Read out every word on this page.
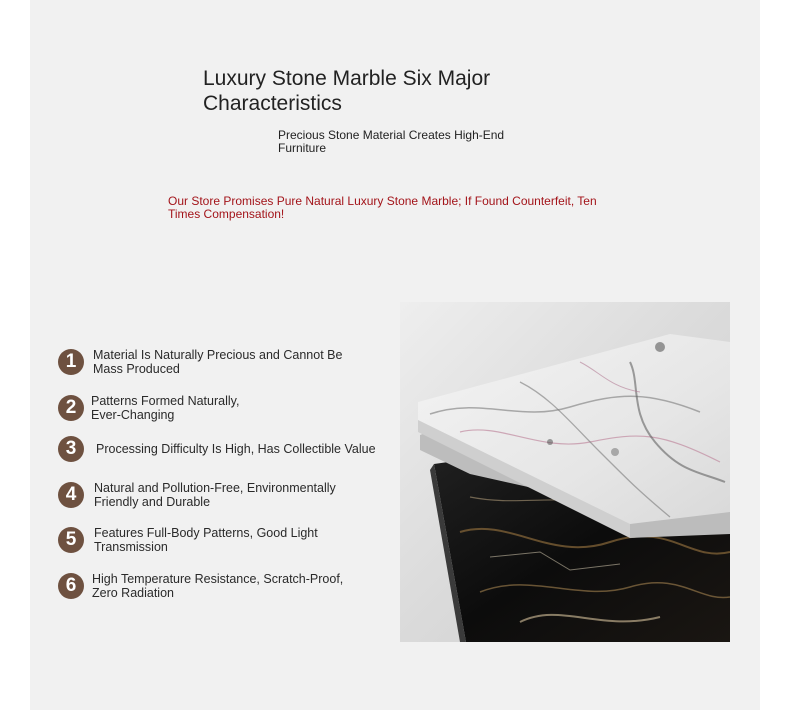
Luxury Stone Marble Six Major Characteristics
Precious Stone Material Creates High-End Furniture
Our Store Promises Pure Natural Luxury Stone Marble; If Found Counterfeit, Ten Times Compensation!
1	Material Is Naturally Precious and Cannot Be Mass Produced
2	Patterns Formed Naturally, Ever-Changing
3	Processing Difficulty Is High, Has Collectible Value
4	Natural and Pollution-Free, Environmentally Friendly and Durable
5	Features Full-Body Patterns, Good Light Transmission
6	High Temperature Resistance, Scratch-Proof, Zero Radiation
